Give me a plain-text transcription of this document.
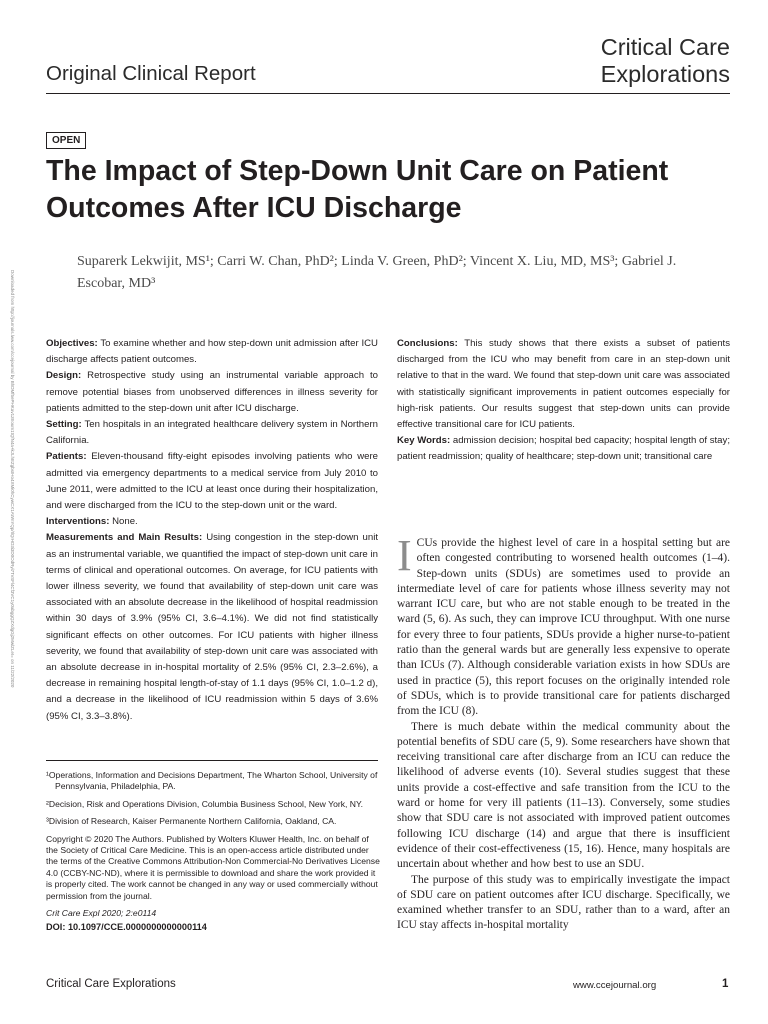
Critical Care
Explorations
Original Clinical Report
OPEN
The Impact of Step-Down Unit Care on Patient Outcomes After ICU Discharge
Suparerk Lekwijit, MS¹; Carri W. Chan, PhD²; Linda V. Green, PhD²; Vincent X. Liu, MD, MS³; Gabriel J. Escobar, MD³
Downloaded from http://journals.lww.com/ccejournal by BhDMf5ePHKav1zEoum1tQfN4a+kJLhEZgbsIHo4XMi0hCywCX1AWnYQp/IlQrHD3i3D0OdRyi7TvSFl4Cf3VC1y0abggQZXdgGj2MwlZLeI= on 11/22/2020	Objectives: To examine whether and how step-down unit admission after ICU discharge affects patient outcomes.

Design: Retrospective study using an instrumental variable approach to remove potential biases from unobserved differences in illness severity for patients admitted to the step-down unit after ICU discharge.

Setting: Ten hospitals in an integrated healthcare delivery system in Northern California.

Patients: Eleven-thousand fifty-eight episodes involving patients who were admitted via emergency departments to a medical service from July 2010 to June 2011, were admitted to the ICU at least once during their hospitalization, and were discharged from the ICU to the step-down unit or the ward.

Interventions: None.

Measurements and Main Results: Using congestion in the step-down unit as an instrumental variable, we quantified the impact of step-down unit care in terms of clinical and operational outcomes. On average, for ICU patients with lower illness severity, we found that availability of step-down unit care was associated with an absolute decrease in the likelihood of hospital readmission within 30 days of 3.9% (95% CI, 3.6–4.1%). We did not find statistically significant effects on other outcomes. For ICU patients with higher illness severity, we found that availability of step-down unit care was associated with an absolute decrease in in-hospital mortality of 2.5% (95% CI, 2.3–2.6%), a decrease in remaining hospital length-of-stay of 1.1 days (95% CI, 1.0–1.2 d), and a decrease in the likelihood of ICU readmission within 5 days of 3.6% (95% CI, 3.3–3.8%).

Conclusions: This study shows that there exists a subset of patients discharged from the ICU who may benefit from care in an step-down unit relative to that in the ward. We found that step-down unit care was associated with statistically significant improvements in patient outcomes especially for high-risk patients. Our results suggest that step-down units can provide effective transitional care for ICU patients.

Key Words: admission decision; hospital bed capacity; hospital length of stay; patient readmission; quality of healthcare; step-down unit; transitional care

¹Operations, Information and Decisions Department, The Wharton School, University of Pennsylvania, Philadelphia, PA.

²Decision, Risk and Operations Division, Columbia Business School, New York, NY.

³Division of Research, Kaiser Permanente Northern California, Oakland, CA.

Copyright © 2020 The Authors. Published by Wolters Kluwer Health, Inc. on behalf of the Society of Critical Care Medicine. This is an open-access article distributed under the terms of the Creative Commons Attribution-Non Commercial-No Derivatives License 4.0 (CCBY-NC-ND), where it is permissible to download and share the work provided it is properly cited. The work cannot be changed in any way or used commercially without permission from the journal.

Crit Care Expl 2020; 2:e0114

DOI: 10.1097/CCE.0000000000000114

I CUs provide the highest level of care in a hospital setting but are often congested contributing to worsened health outcomes (1–4). Step-down units (SDUs) are sometimes used to provide an intermediate level of care for patients whose illness severity may not warrant ICU care, but who are not stable enough to be treated in the ward (5, 6). As such, they can improve ICU throughput. With one nurse for every three to four patients, SDUs provide a higher nurse-to-patient ratio than the general wards but are generally less expensive to operate than ICUs (7). Although considerable variation exists in how SDUs are used in practice (5), this report focuses on the originally intended role of SDUs, which is to provide transitional care for patients discharged from the ICU (8).

There is much debate within the medical community about the potential benefits of SDU care (5, 9). Some researchers have shown that receiving transitional care after discharge from an ICU can reduce the likelihood of adverse events (10). Several studies suggest that these units provide a cost-effective and safe transition from the ICU to the ward or home for very ill patients (11–13). Conversely, some studies show that SDU care is not associated with improved patient outcomes following ICU discharge (14) and argue that there is insufficient evidence of their cost-effectiveness (15, 16). Hence, many hospitals are uncertain about whether and how best to use an SDU.

The purpose of this study was to empirically investigate the impact of SDU care on patient outcomes after ICU discharge. Specifically, we examined whether transfer to an SDU, rather than to a ward, after an ICU stay affects in-hospital mortality

Critical Care Explorations	www.ccejournal.org	1
